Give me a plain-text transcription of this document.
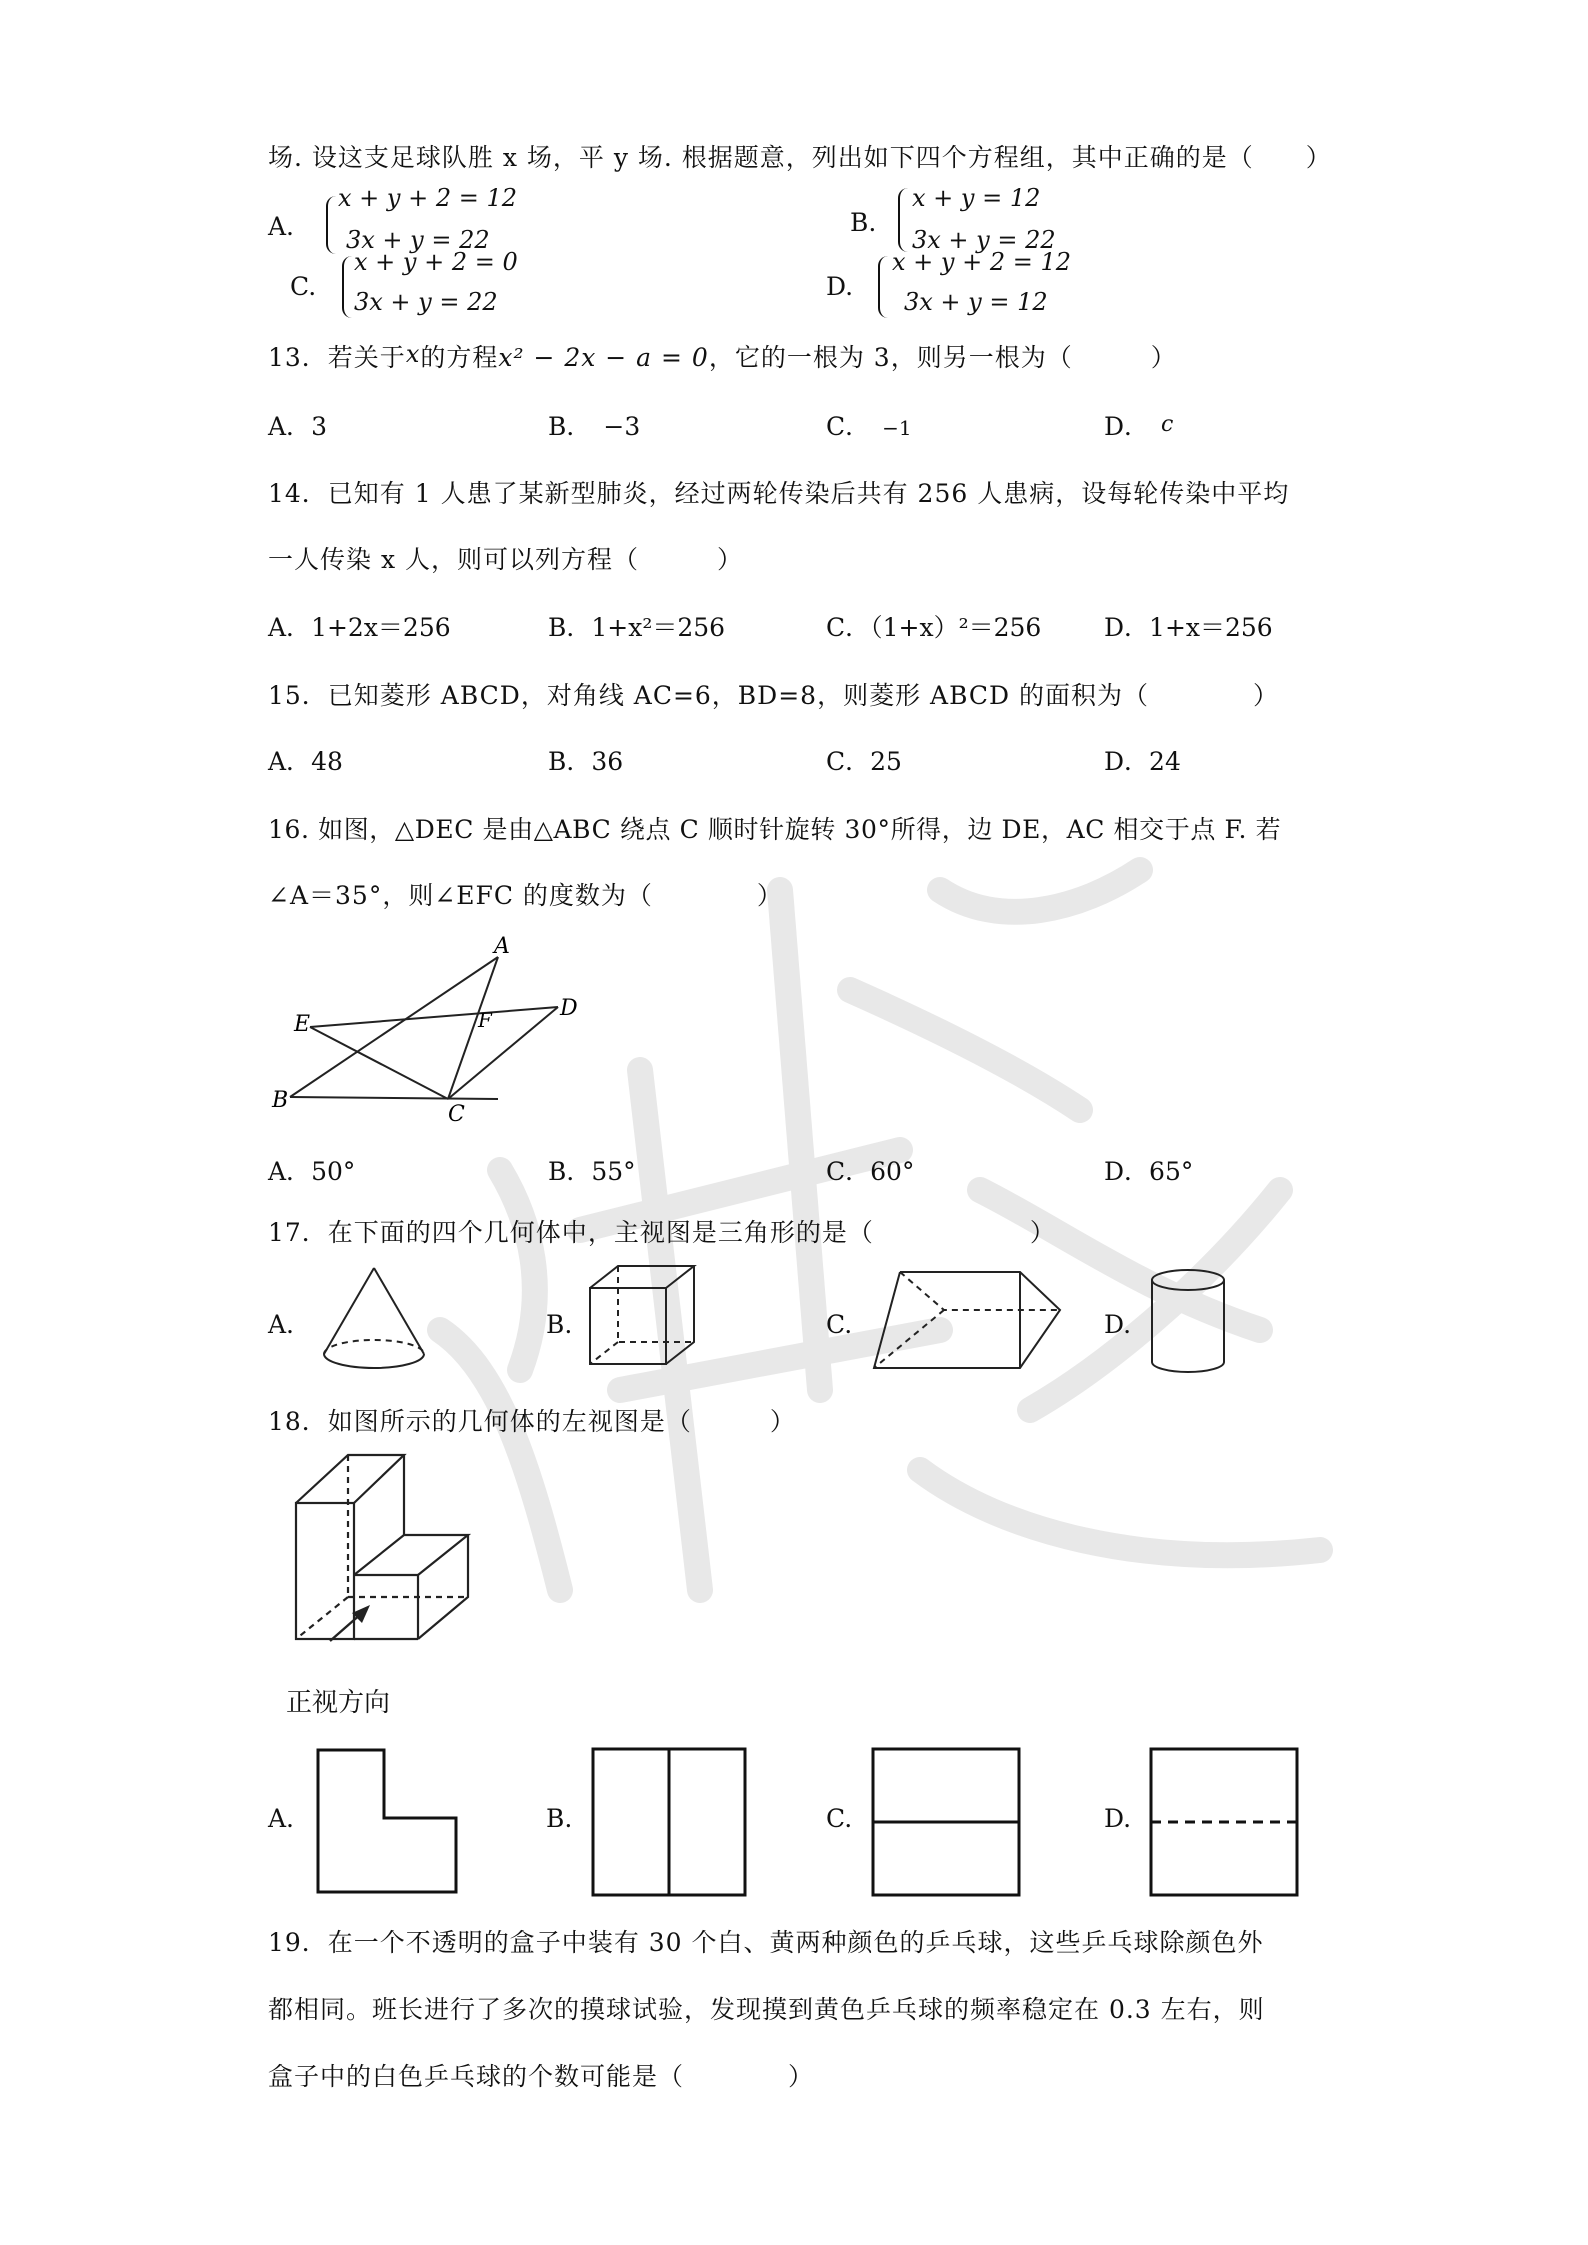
场. 设这支足球队胜 x 场，平 y 场. 根据题意，列出如下四个方程组，其中正确的是（　　）
A.
x + y + 2 = 12
3x + y = 22
B.
x + y = 12
3x + y = 22
C.
x + y + 2 = 0
3x + y = 22
D.
x + y + 2 = 12
3x + y = 12
13．若关于x的方程x² − 2x − a = 0，它的一根为 3，则另一根为（　　　）
A．3	B． −3	C． −1	D． c
14．已知有 1 人患了某新型肺炎，经过两轮传染后共有 256 人患病，设每轮传染中平均
一人传染 x 人，则可以列方程（　　　）
A．1+2x＝256	B．1+x²＝256	C．（1+x）²＝256	D．1+x＝256
15．已知菱形 ABCD，对角线 AC=6，BD=8，则菱形 ABCD 的面积为（　　　　）
A．48	B．36	C．25	D．24
16. 如图，△DEC 是由△ABC 绕点 C 顺时针旋转 30°所得，边 DE，AC 相交于点 F. 若
∠A＝35°，则∠EFC 的度数为（　　　　）
A
B
C
D
E	F
A．50°	B．55°	C．60°	D．65°
17．在下面的四个几何体中，主视图是三角形的是（　　　　　　）
A.	B.	C.	D.
18．如图所示的几何体的左视图是（　　　）
正视方向
A.	B.	C.	D.
19．在一个不透明的盒子中装有 30 个白、黄两种颜色的乒乓球，这些乒乓球除颜色外
都相同。班长进行了多次的摸球试验，发现摸到黄色乒乓球的频率稳定在 0.3 左右，则
盒子中的白色乒乓球的个数可能是（　　　　）
